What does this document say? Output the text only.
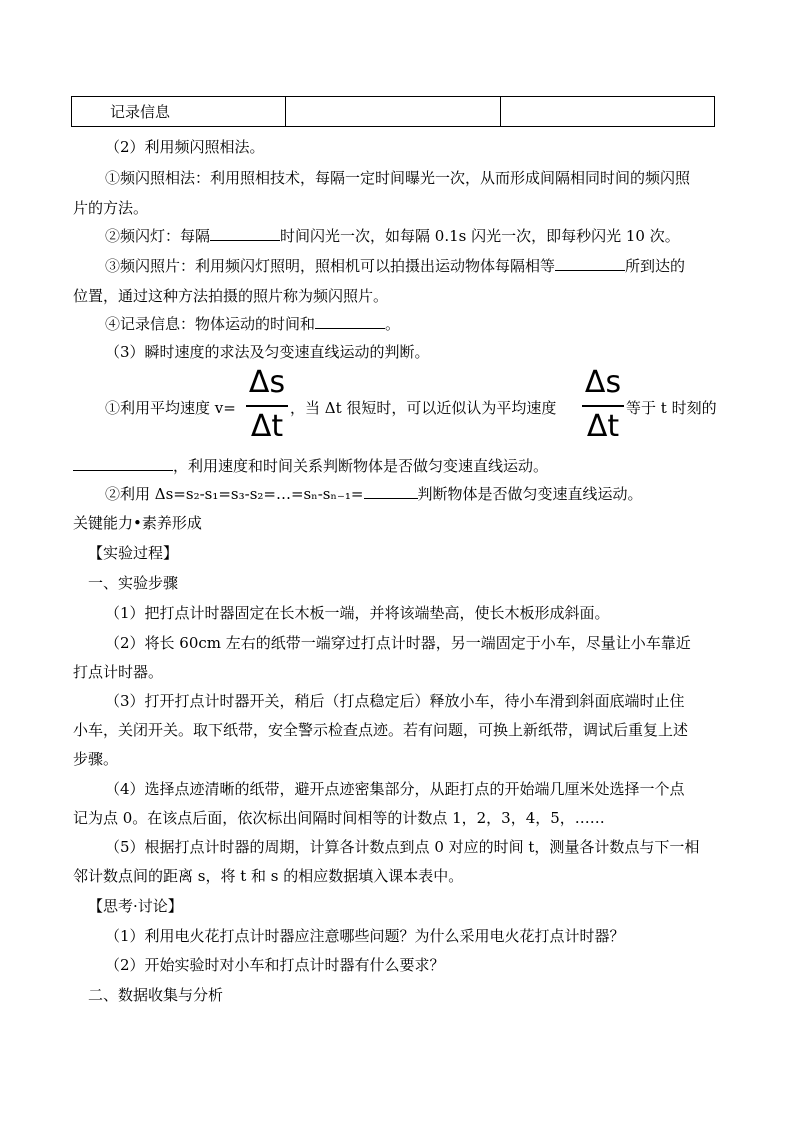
记录信息		
（2）利用频闪照相法。
①频闪照相法：利用照相技术，每隔一定时间曝光一次，从而形成间隔相同时间的频闪照
片的方法。
②频闪灯：每隔	时间闪光一次，如每隔 0.1s 闪光一次，即每秒闪光 10 次。
③频闪照片：利用频闪灯照明，照相机可以拍摄出运动物体每隔相等	所到达的
位置，通过这种方法拍摄的照片称为频闪照片。
④记录信息：物体运动的时间和	。
（3）瞬时速度的求法及匀变速直线运动的判断。
①利用平均速度 v=
Δs
Δt
，当 Δt 很短时，可以近似认为平均速度
Δs
Δt
等于 t 时刻的
，利用速度和时间关系判断物体是否做匀变速直线运动。
②利用 Δs=s₂-s₁=s₃-s₂=…=sₙ-sₙ₋₁=	判断物体是否做匀变速直线运动。
关键能力•素养形成
【实验过程】
一、实验步骤
（1）把打点计时器固定在长木板一端，并将该端垫高，使长木板形成斜面。
（2）将长 60cm 左右的纸带一端穿过打点计时器，另一端固定于小车，尽量让小车靠近
打点计时器。
（3）打开打点计时器开关，稍后（打点稳定后）释放小车，待小车滑到斜面底端时止住
小车，关闭开关。取下纸带，安全警示检查点迹。若有问题，可换上新纸带，调试后重复上述
步骤。
（4）选择点迹清晰的纸带，避开点迹密集部分，从距打点的开始端几厘米处选择一个点
记为点 0。在该点后面，依次标出间隔时间相等的计数点 1，2，3，4，5，……
（5）根据打点计时器的周期，计算各计数点到点 0 对应的时间 t，测量各计数点与下一相
邻计数点间的距离 s，将 t 和 s 的相应数据填入课本表中。
【思考·讨论】
（1）利用电火花打点计时器应注意哪些问题？为什么采用电火花打点计时器？
（2）开始实验时对小车和打点计时器有什么要求？
二、数据收集与分析
